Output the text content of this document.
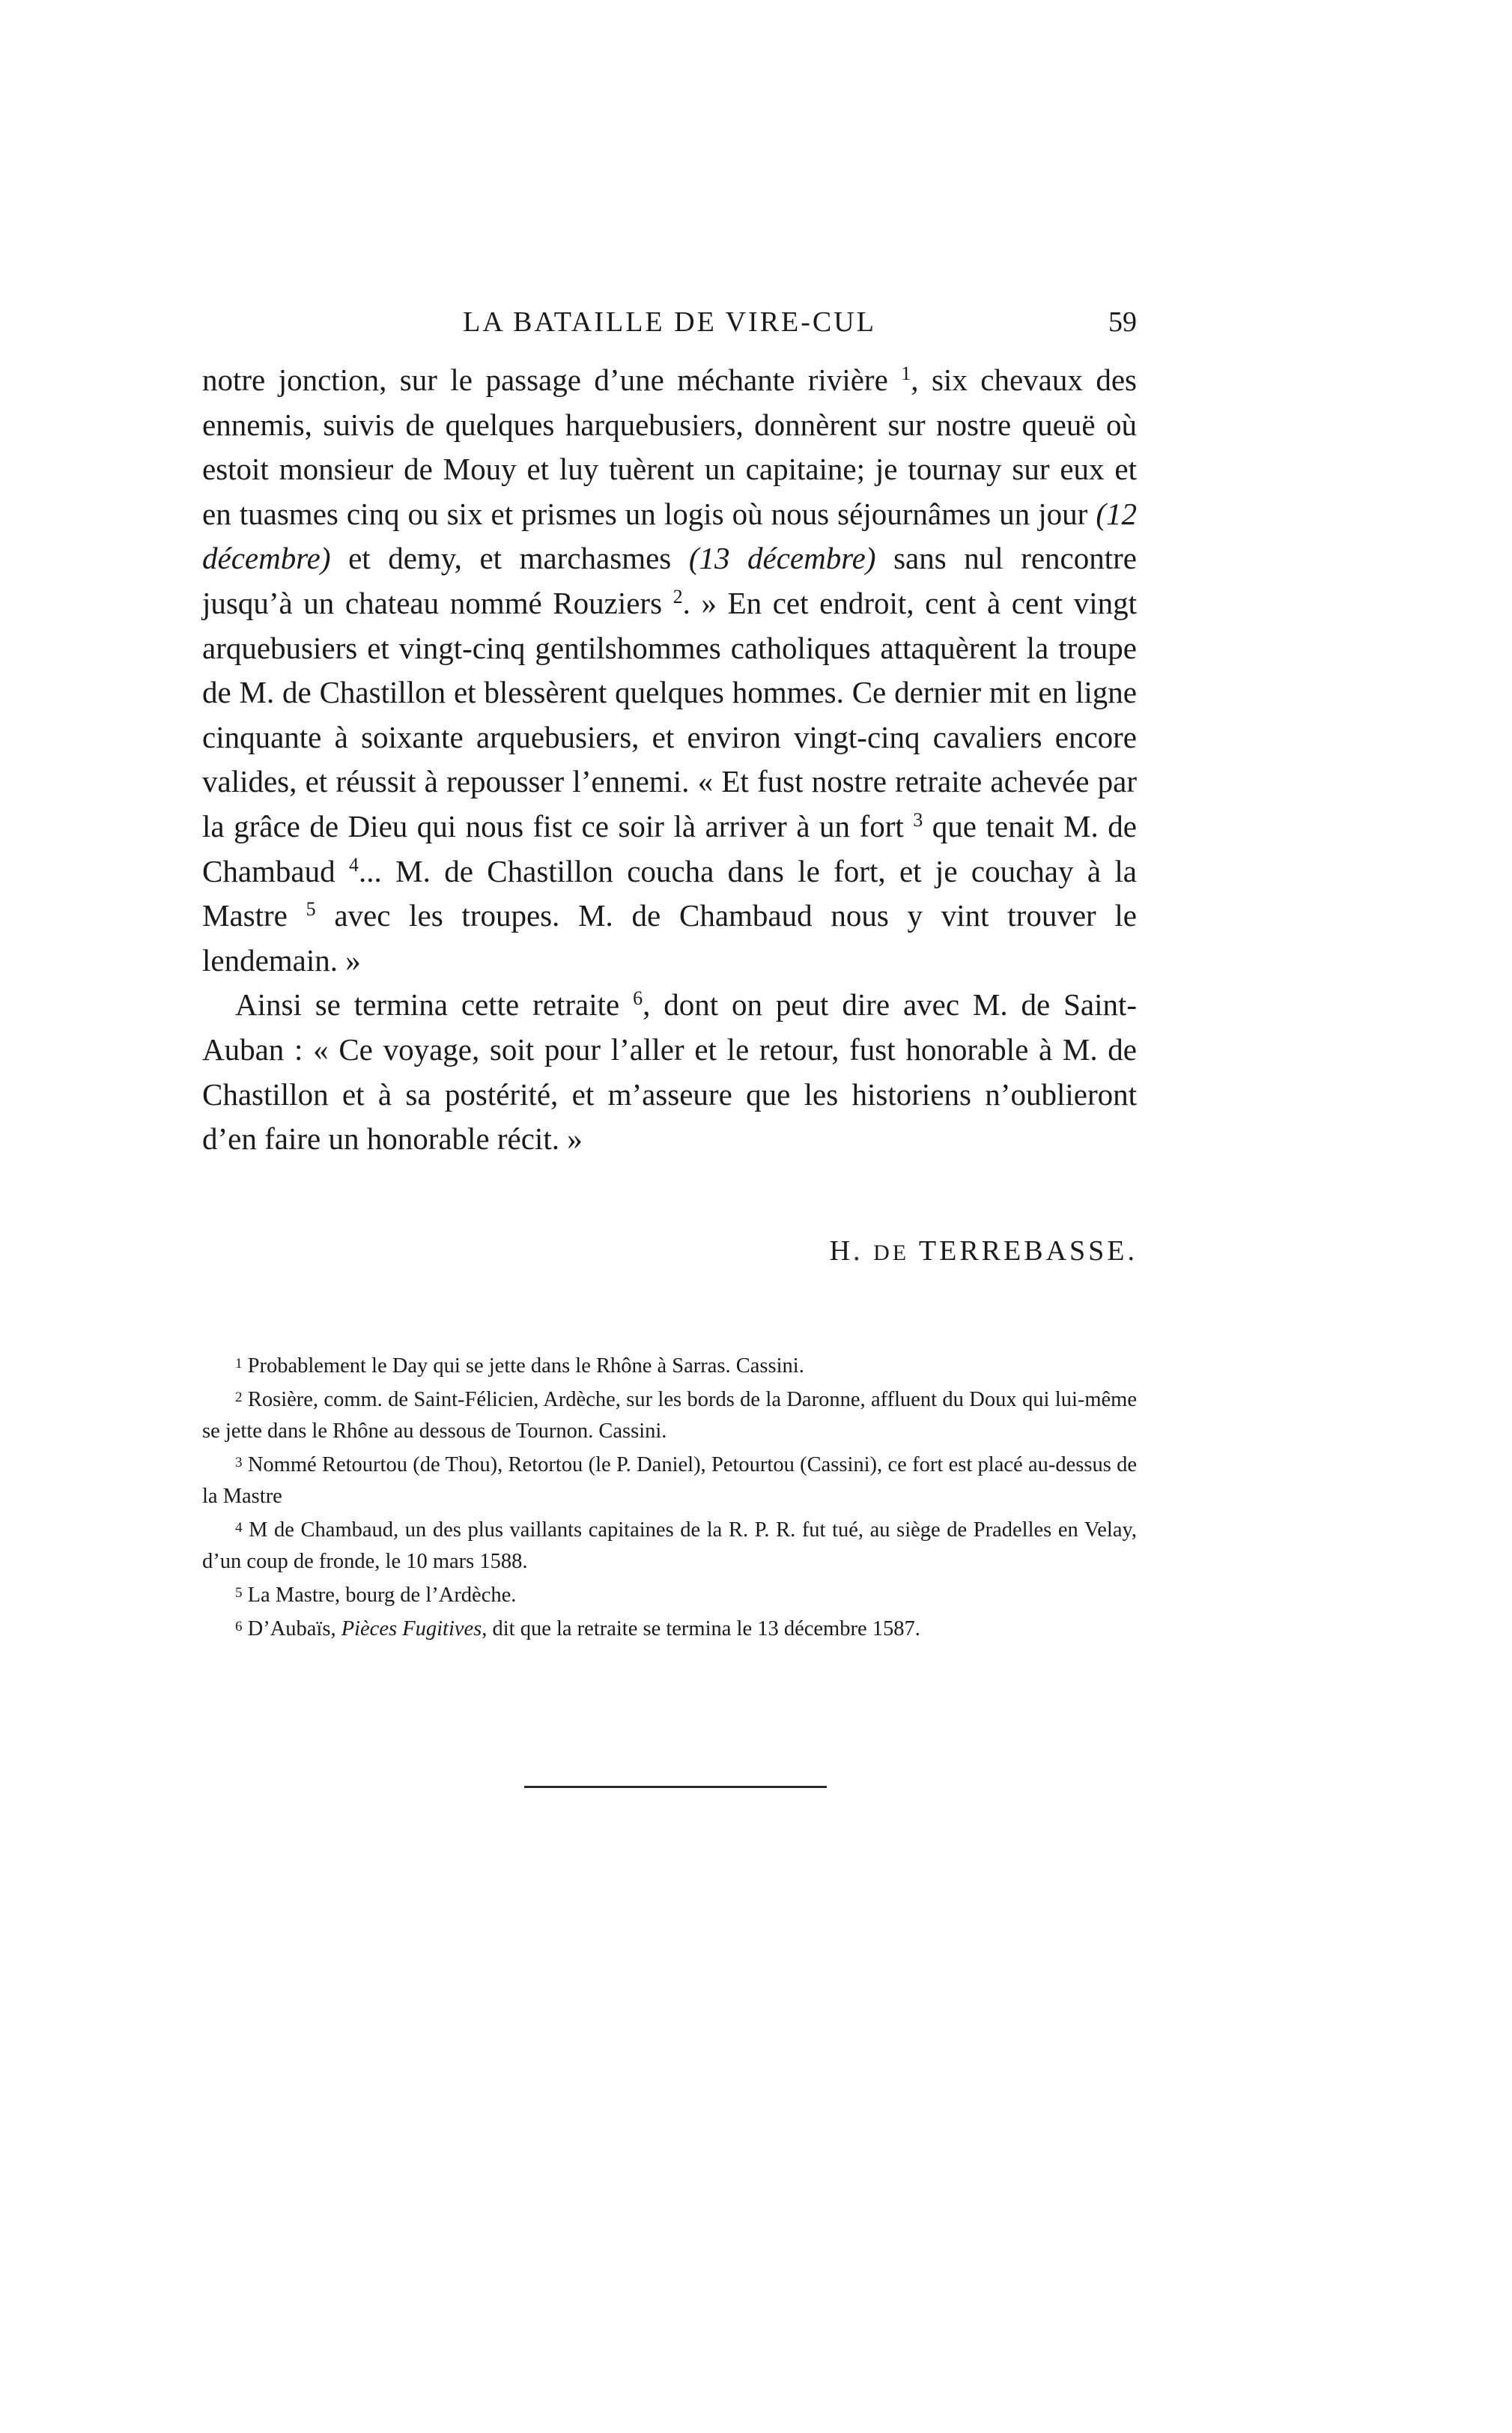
LA BATAILLE DE VIRE-CUL	59

notre jonction, sur le passage d’une méchante rivière $^1$, six chevaux des ennemis, suivis de quelques harquebusiers, donnèrent sur nostre queuë où estoit monsieur de Mouy et luy tuèrent un capitaine; je tournay sur eux et en tuasmes cinq ou six et prismes un logis où nous séjournâmes un jour (12 décembre) et demy, et marchasmes (13 décembre) sans nul rencontre jusqu’à un chateau nommé Rouziers $^2$. » En cet endroit, cent à cent vingt arquebusiers et vingt-cinq gentilshommes catholiques attaquèrent la troupe de M. de Chastillon et blessèrent quelques hommes. Ce dernier mit en ligne cinquante à soixante arquebusiers, et environ vingt-cinq cavaliers encore valides, et réussit à repousser l’ennemi. « Et fust nostre retraite achevée par la grâce de Dieu qui nous fist ce soir là arriver à un fort $^3$ que tenait M. de Chambaud $^4$... M. de Chastillon coucha dans le fort, et je couchay à la Mastre $^5$ avec les troupes. M. de Chambaud nous y vint trouver le lendemain. »

Ainsi se termina cette retraite $^6$, dont on peut dire avec M. de Saint-Auban : « Ce voyage, soit pour l’aller et le retour, fust honorable à M. de Chastillon et à sa postérité, et m’asseure que les historiens n’oublieront d’en faire un honorable récit. »

H. DE TERREBASSE.

$^1$ Probablement le Day qui se jette dans le Rhône à Sarras. Cassini.

$^2$ Rosière, comm. de Saint-Félicien, Ardèche, sur les bords de la Daronne, affluent du Doux qui lui-même se jette dans le Rhône au dessous de Tournon. Cassini.

$^3$ Nommé Retourtou (de Thou), Retortou (le P. Daniel), Petourtou (Cassini), ce fort est placé au-dessus de la Mastre

$^4$ M de Chambaud, un des plus vaillants capitaines de la R. P. R. fut tué, au siège de Pradelles en Velay, d’un coup de fronde, le 10 mars 1588.

$^5$ La Mastre, bourg de l’Ardèche.

$^6$ D’Aubaïs, Pièces Fugitives, dit que la retraite se termina le 13 décembre 1587.
